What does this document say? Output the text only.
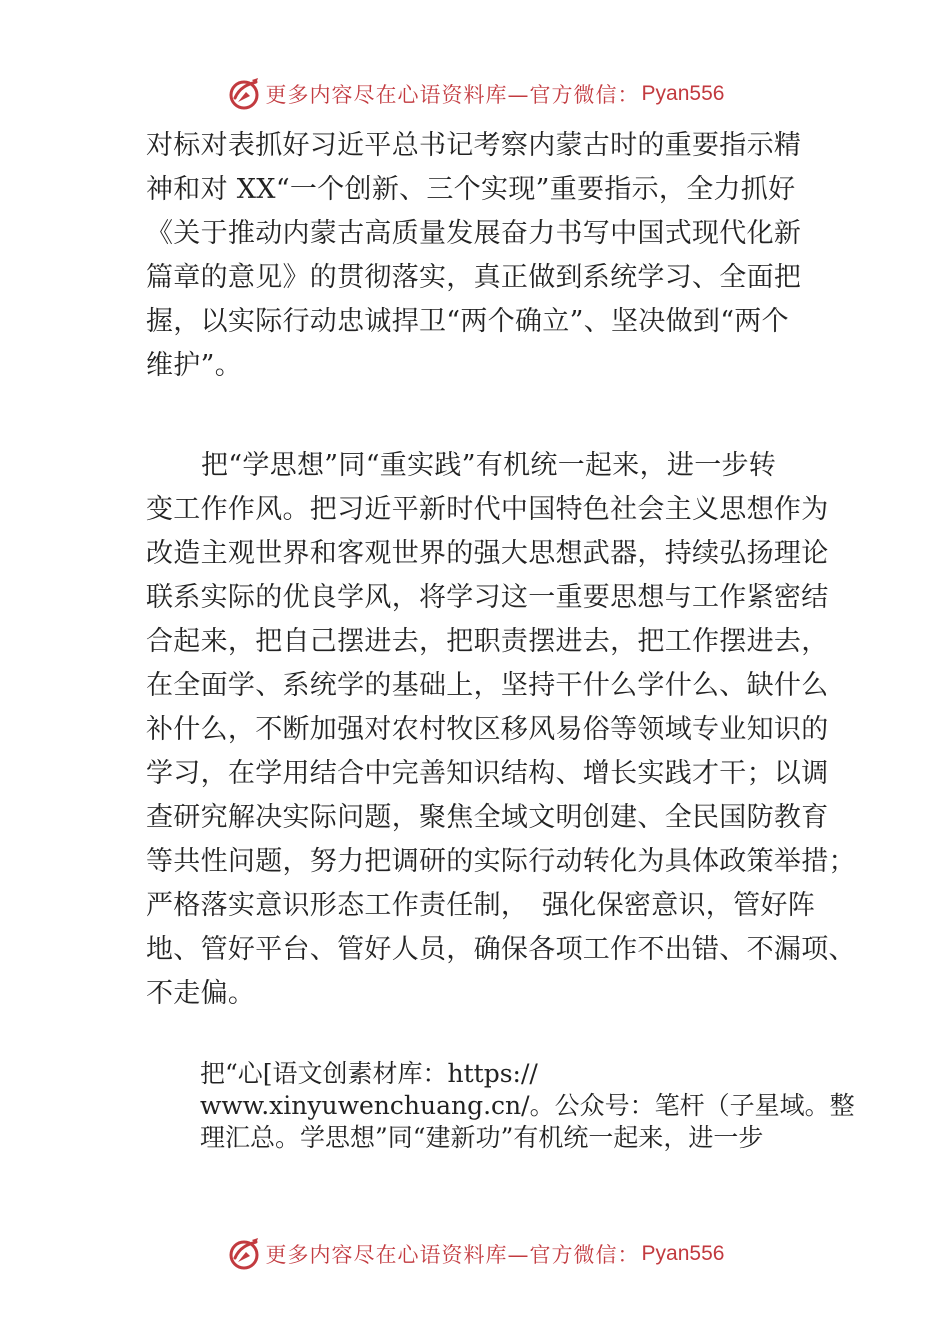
更多内容尽在心语资料库—官方微信： Pyan556
对标对表抓好习近平总书记考察内蒙古时的重要指示精
神和对 XX“一个创新、三个实现”重要指示，全力抓好
《关于推动内蒙古高质量发展奋力书写中国式现代化新
篇章的意见》的贯彻落实，真正做到系统学习、全面把
握，以实际行动忠诚捍卫“两个确立”、坚决做到“两个
维护”。
把“学思想”同“重实践”有机统一起来，进一步转
变工作作风。把习近平新时代中国特色社会主义思想作为
改造主观世界和客观世界的强大思想武器，持续弘扬理论
联系实际的优良学风，将学习这一重要思想与工作紧密结
合起来，把自己摆进去，把职责摆进去，把工作摆进去，
在全面学、系统学的基础上，坚持干什么学什么、缺什么
补什么，不断加强对农村牧区移风易俗等领域专业知识的
学习，在学用结合中完善知识结构、增长实践才干；以调
查研究解决实际问题，聚焦全域文明创建、全民国防教育
等共性问题，努力把调研的实际行动转化为具体政策举措；
严格落实意识形态工作责任制，　强化保密意识，管好阵
地、管好平台、管好人员，确保各项工作不出错、不漏项、
不走偏。
把“心[语文创素材库：https://
www.xinyuwenchuang.cn/。公众号：笔杆（子星域。整
理汇总。学思想”同“建新功”有机统一起来，进一步
更多内容尽在心语资料库—官方微信： Pyan556
